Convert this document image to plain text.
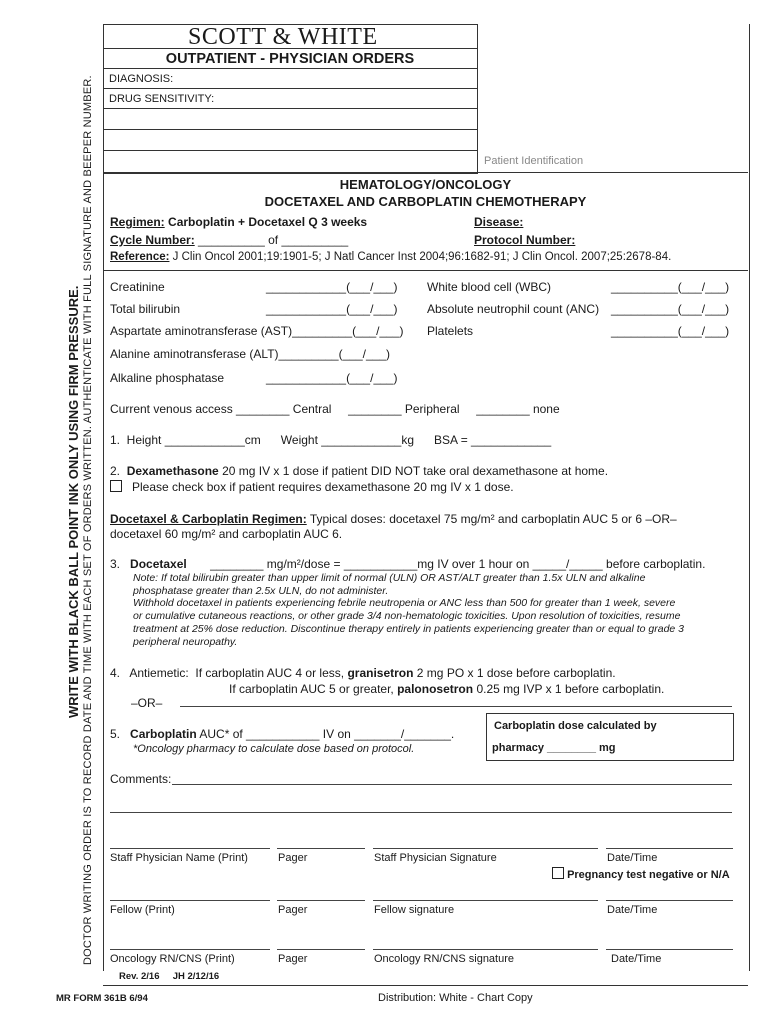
DOCTOR WRITING ORDER IS TO RECORD DATE AND TIME WITH EACH SET OF ORDERS WRITTEN. AUTHENTICATE WITH FULL SIGNATURE AND BEEPER NUMBER.
WRITE WITH BLACK BALL POINT INK ONLY USING FIRM PRESSURE.
SCOTT & WHITE
OUTPATIENT - PHYSICIAN ORDERS
DIAGNOSIS:
DRUG SENSITIVITY:
Patient Identification
HEMATOLOGY/ONCOLOGY
DOCETAXEL AND CARBOPLATIN CHEMOTHERAPY
Regimen: Carboplatin + Docetaxel Q 3 weeks	Disease:
Cycle Number: __________ of __________	Protocol Number:
Reference: J Clin Oncol 2001;19:1901-5; J Natl Cancer Inst 2004;96:1682-91; J Clin Oncol. 2007;25:2678-84.
Creatinine	____________(___/___)
Total bilirubin	____________(___/___)
Aspartate aminotransferase (AST)_________(___/___)
Alanine aminotransferase (ALT)_________(___/___)
Alkaline phosphatase	____________(___/___)
White blood cell (WBC)	__________(___/___)
Absolute neutrophil count (ANC) __________(___/___)
Platelets	__________(___/___)
Current venous access ________ Central     ________ Peripheral     ________ none
1.  Height ____________cm      Weight ____________kg      BSA = ____________
2. Dexamethasone 20 mg IV x 1 dose if patient DID NOT take oral dexamethasone at home.
Please check box if patient requires dexamethasone 20 mg IV x 1 dose.
Docetaxel & Carboplatin Regimen: Typical doses: docetaxel 75 mg/m² and carboplatin AUC 5 or 6 –OR–
docetaxel 60 mg/m² and carboplatin AUC 6.
3. Docetaxel       ________ mg/m²/dose = ___________mg IV over 1 hour on _____/_____ before carboplatin.
Note: If total bilirubin greater than upper limit of normal (ULN) OR AST/ALT greater than 1.5x ULN and alkaline
phosphatase greater than 2.5x ULN, do not administer.
Withhold docetaxel in patients experiencing febrile neutropenia or ANC less than 500 for greater than 1 week, severe
or cumulative cutaneous reactions, or other grade 3/4 non-hematologic toxicities. Upon resolution of toxicities, resume
treatment at 25% dose reduction. Discontinue therapy entirely in patients experiencing greater than or equal to grade 3
peripheral neuropathy.
4.   Antiemetic:  If carboplatin AUC 4 or less, granisetron 2 mg PO x 1 dose before carboplatin.
If carboplatin AUC 5 or greater, palonosetron 0.25 mg IVP x 1 before carboplatin.
–OR–
5. Carboplatin AUC* of ___________ IV on _______/_______.
*Oncology pharmacy to calculate dose based on protocol.
Carboplatin dose calculated by
pharmacy ________ mg
Comments:
Staff Physician Name (Print)	Pager	Staff Physician Signature	Date/Time
Pregnancy test negative or N/A
Fellow (Print)	Pager	Fellow signature	Date/Time
Oncology RN/CNS (Print)	Pager	Oncology RN/CNS signature	Date/Time
Rev. 2/16     JH 2/12/16
MR FORM 361B 6/94	Distribution: White - Chart Copy
